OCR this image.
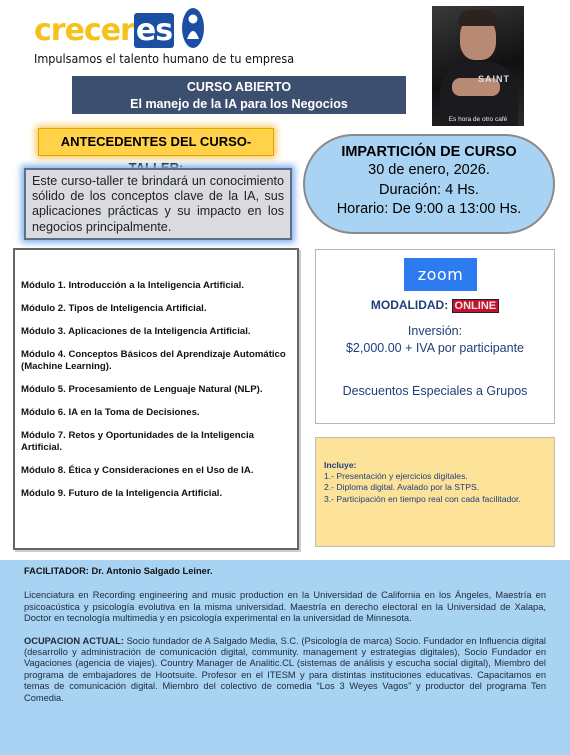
creceres
Impulsamos el talento humano de tu empresa
CURSO ABIERTO
El manejo de la IA para los Negocios
SAINT
Es hora de otro café
ANTECEDENTES DEL CURSO-
Este curso-taller te brindará un conocimiento sólido de los conceptos clave de la IA, sus aplicaciones prácticas y su impacto en los negocios principalmente.
IMPARTICIÓN DE CURSO
30 de enero, 2026.
Duración: 4 Hs.
Horario: De 9:00 a 13:00 Hs.
Módulo 1. Introducción a la Inteligencia Artificial.
Módulo 2. Tipos de Inteligencia Artificial.
Módulo 3. Aplicaciones de la Inteligencia Artificial.
Módulo 4. Conceptos Básicos del Aprendizaje Automático (Machine Learning).
Módulo 5. Procesamiento de Lenguaje Natural (NLP).
Módulo 6. IA en la Toma de Decisiones.
Módulo 7. Retos y Oportunidades de la Inteligencia Artificial.
Módulo 8. Ética y Consideraciones en el Uso de IA.
Módulo 9. Futuro de la Inteligencia Artificial.
zoom
MODALIDAD: ONLINE
Inversión:
$2,000.00 + IVA por participante
Descuentos Especiales a Grupos
Incluye:
1.- Presentación y ejercicios digitales.
2.- Diploma digital. Avalado por la STPS.
3.- Participación en tiempo real con cada facilitador.
FACILITADOR: Dr. Antonio Salgado Leiner.

Licenciatura en Recording engineering and music production en la Universidad de California en los Ángeles, Maestría en psicoacústica y psicología evolutiva en la misma universidad. Maestría en derecho electoral en la Universidad de Xalapa, Doctor en tecnología multimedia y en psicología experimental en la universidad de Minnesota.

OCUPACION ACTUAL: Socio fundador de A Salgado Media, S.C. (Psicología de marca) Socio. Fundador en Influencia digital (desarrollo y administración de comunicación digital, community. management y estrategias digitales), Socio Fundador en Vagaciones (agencia de viajes). Country Manager de Analitic.CL (sistemas de análisis y escucha social digital), Miembro del programa de embajadores de Hootsuite. Profesor en el ITESM y para distintas instituciones educativas. Capacitamos en temas de comunicación digital. Miembro del colectivo de comedia “Los 3 Weyes Vagos” y productor del programa Ten Comedia.
